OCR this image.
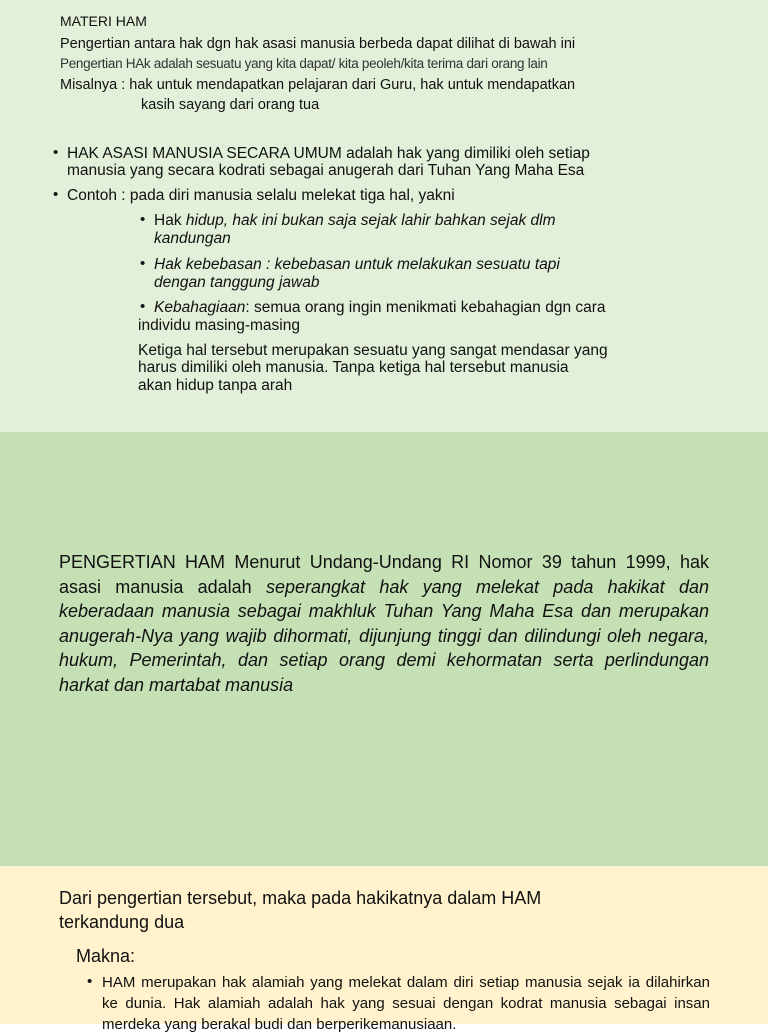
MATERI HAM
Pengertian antara hak dgn hak asasi manusia berbeda dapat dilihat di bawah ini
Pengertian HAk adalah sesuatu yang kita dapat/ kita peoleh/kita terima dari orang lain
Misalnya : hak untuk mendapatkan pelajaran dari Guru, hak untuk mendapatkan
kasih sayang dari orang tua
• HAK ASASI MANUSIA SECARA UMUM adalah hak yang dimiliki oleh setiap
manusia yang secara kodrati sebagai anugerah dari Tuhan Yang Maha Esa
• Contoh : pada diri manusia selalu melekat tiga hal, yakni
• Hak hidup, hak ini bukan saja sejak lahir bahkan sejak dlm
kandungan
• Hak kebebasan : kebebasan untuk melakukan sesuatu tapi
dengan tanggung jawab
• Kebahagiaan: semua orang ingin menikmati kebahagian dgn cara
individu masing-masing
Ketiga hal tersebut merupakan sesuatu yang sangat mendasar yang
harus dimiliki oleh manusia. Tanpa ketiga hal tersebut manusia
akan hidup tanpa arah
PENGERTIAN HAM Menurut Undang-Undang RI Nomor 39 tahun 1999, hak asasi manusia adalah seperangkat hak yang melekat pada hakikat dan keberadaan manusia sebagai makhluk Tuhan Yang Maha Esa dan merupakan anugerah-Nya yang wajib dihormati, dijunjung tinggi dan dilindungi oleh negara, hukum, Pemerintah, dan setiap orang demi kehormatan serta perlindungan harkat dan martabat manusia
Dari pengertian tersebut, maka pada hakikatnya dalam HAM
terkandung dua
Makna:
• HAM merupakan hak alamiah yang melekat dalam diri setiap manusia sejak ia dilahirkan ke dunia. Hak alamiah adalah hak yang sesuai dengan kodrat manusia sebagai insan merdeka yang berakal budi dan berperikemanusiaan.
